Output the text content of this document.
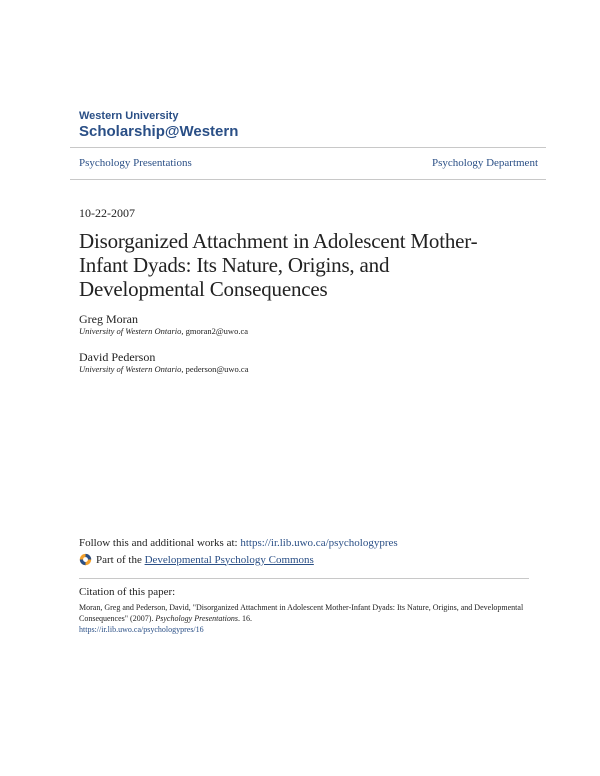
Western University
Scholarship@Western
Psychology Presentations	Psychology Department
10-22-2007
Disorganized Attachment in Adolescent Mother-
Infant Dyads: Its Nature, Origins, and
Developmental Consequences
Greg Moran
University of Western Ontario, gmoran2@uwo.ca
David Pederson
University of Western Ontario, pederson@uwo.ca
Follow this and additional works at: https://ir.lib.uwo.ca/psychologypres
Part of the
Developmental Psychology Commons
Citation of this paper:
Moran, Greg and Pederson, David, "Disorganized Attachment in Adolescent Mother-Infant Dyads: Its Nature, Origins, and Developmental Consequences" (2007). Psychology Presentations. 16.
https://ir.lib.uwo.ca/psychologypres/16
